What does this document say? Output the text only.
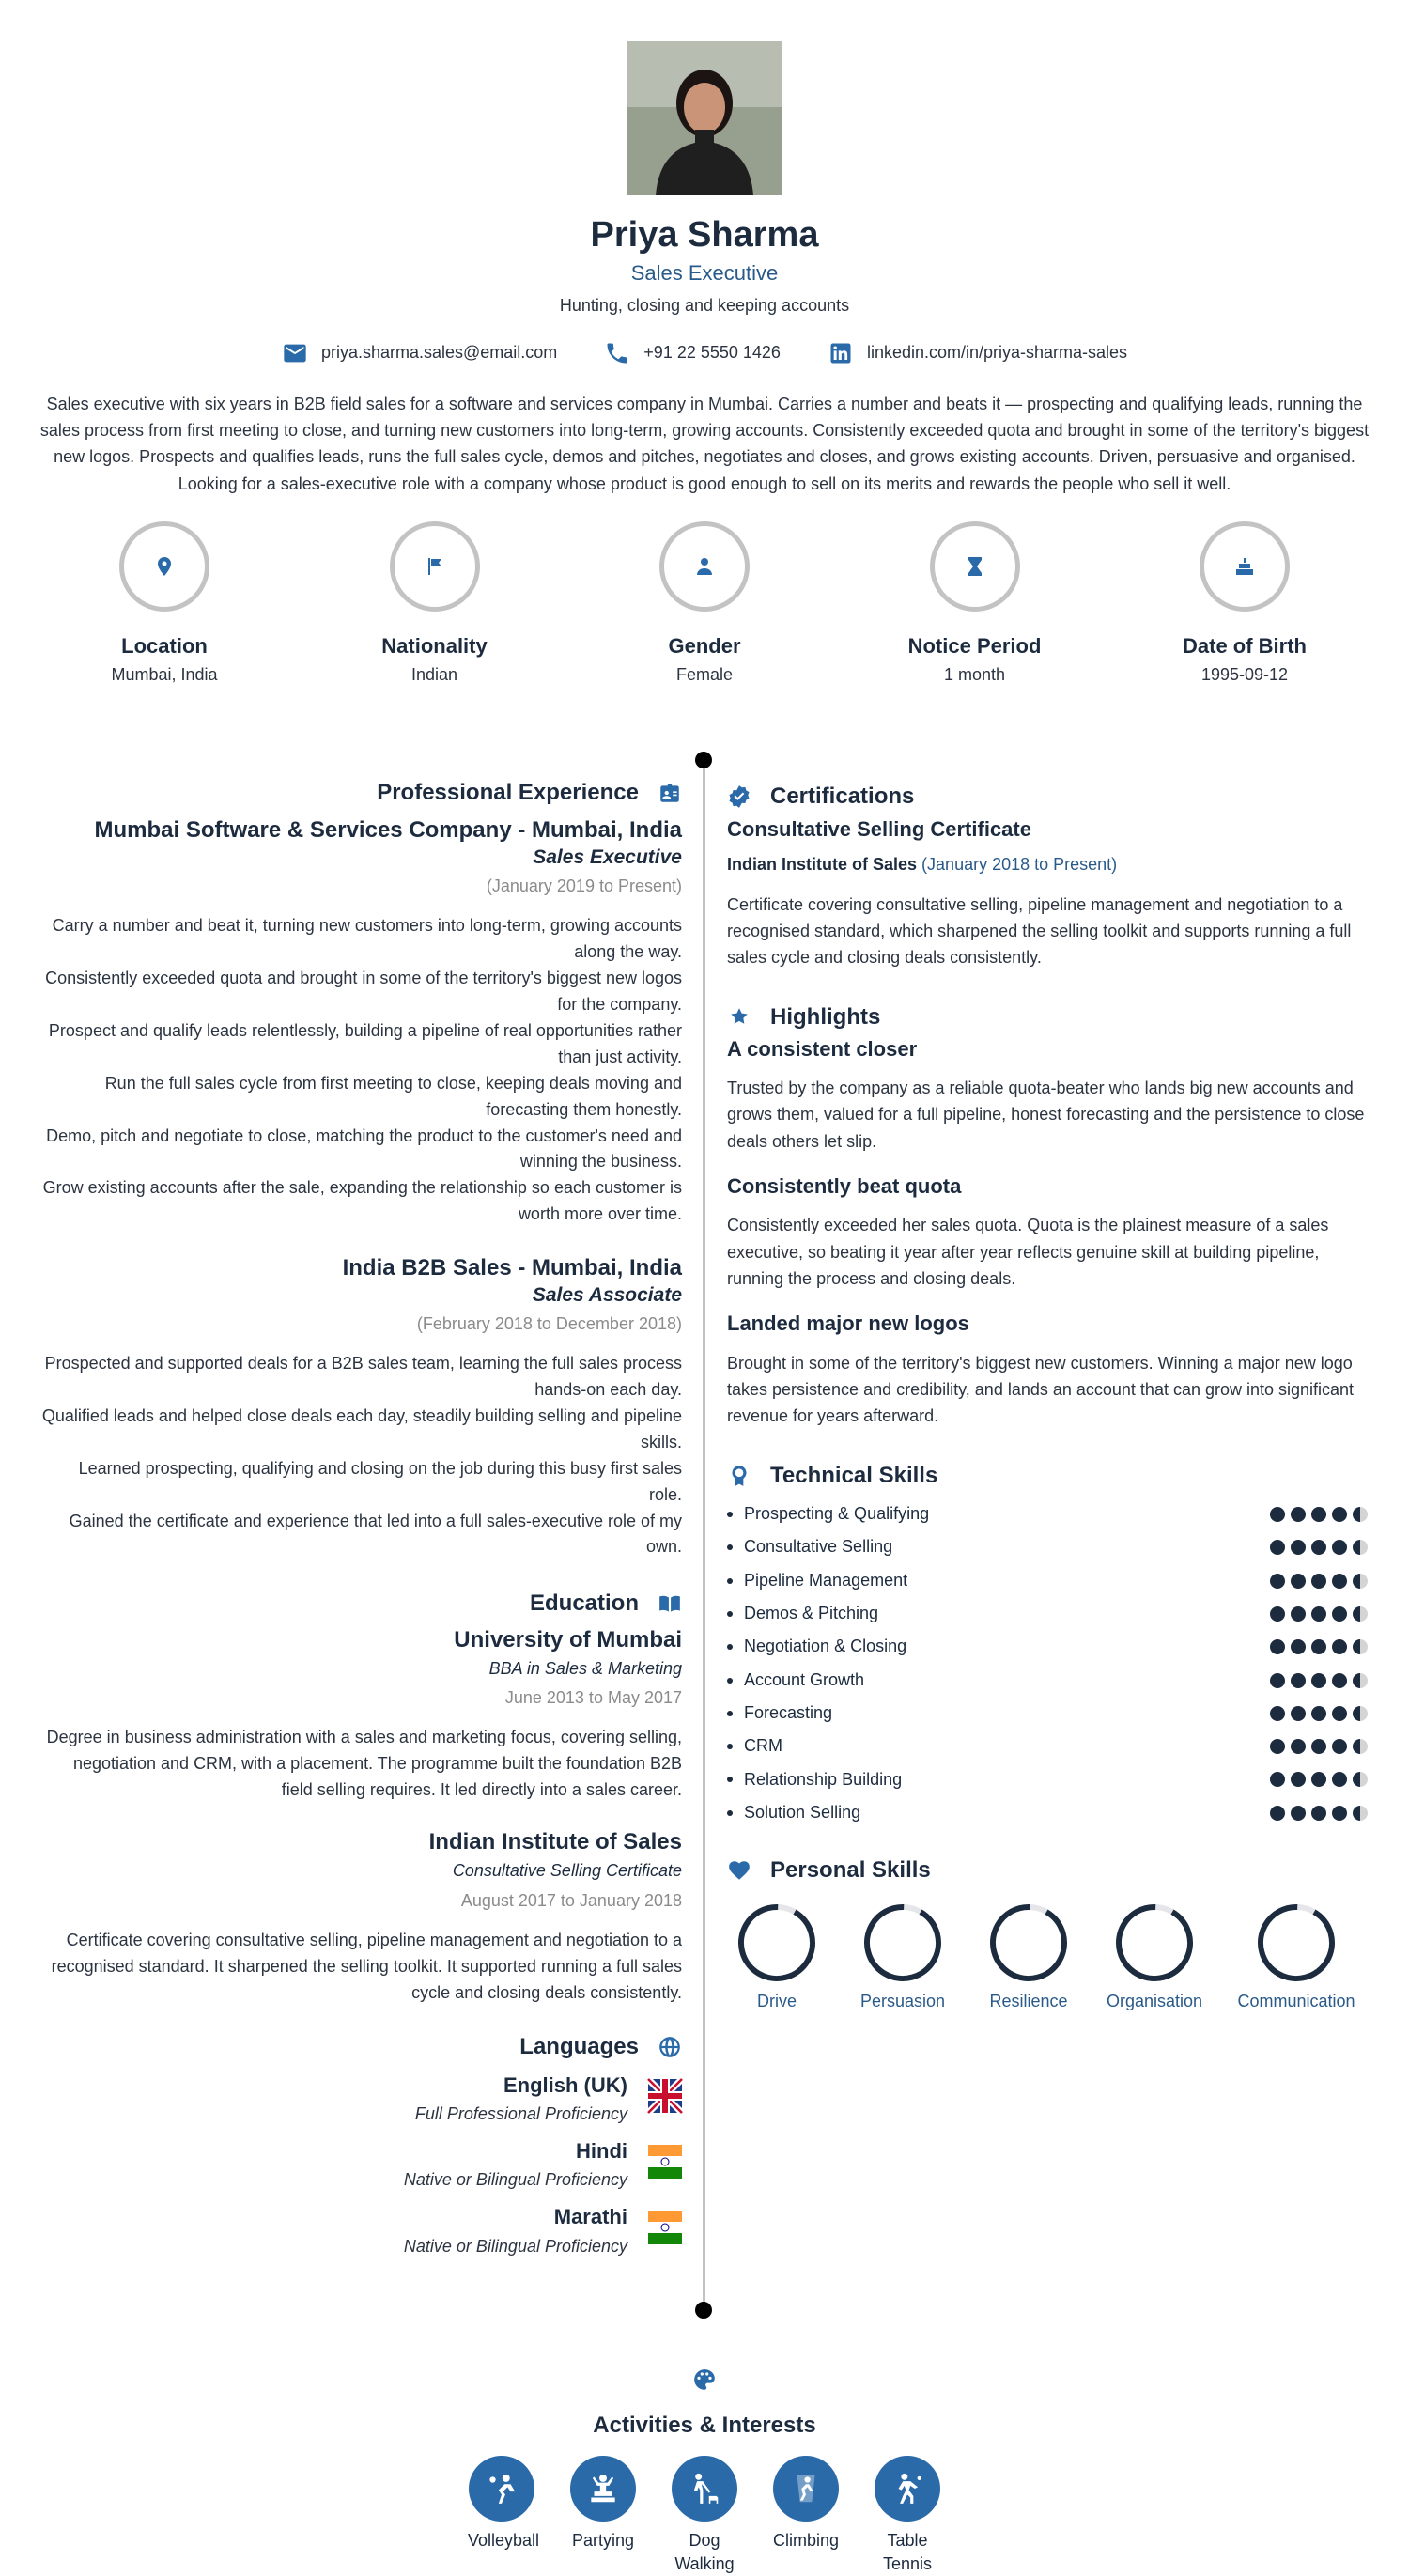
Priya Sharma
Sales Executive
Hunting, closing and keeping accounts
priya.sharma.sales@email.com	+91 22 5550 1426	linkedin.com/in/priya-sharma-sales

Sales executive with six years in B2B field sales for a software and services company in Mumbai. Carries a number and beats it — prospecting and qualifying leads, running the sales process from first meeting to close, and turning new customers into long-term, growing accounts. Consistently exceeded quota and brought in some of the territory's biggest new logos. Prospects and qualifies leads, runs the full sales cycle, demos and pitches, negotiates and closes, and grows existing accounts. Driven, persuasive and organised. Looking for a sales-executive role with a company whose product is good enough to sell on its merits and rewards the people who sell it well.

Location
Mumbai, India
Nationality
Indian
Gender
Female
Notice Period
1 month
Date of Birth
1995-09-12
Professional Experience
Mumbai Software & Services Company - Mumbai, India
Sales Executive
(January 2019 to Present)
Carry a number and beat it, turning new customers into long-term, growing accounts along the way.
Consistently exceeded quota and brought in some of the territory's biggest new logos for the company.
Prospect and qualify leads relentlessly, building a pipeline of real opportunities rather than just activity.
Run the full sales cycle from first meeting to close, keeping deals moving and forecasting them honestly.
Demo, pitch and negotiate to close, matching the product to the customer's need and winning the business.
Grow existing accounts after the sale, expanding the relationship so each customer is worth more over time.
India B2B Sales - Mumbai, India
Sales Associate
(February 2018 to December 2018)
Prospected and supported deals for a B2B sales team, learning the full sales process hands-on each day.
Qualified leads and helped close deals each day, steadily building selling and pipeline skills.
Learned prospecting, qualifying and closing on the job during this busy first sales role.
Gained the certificate and experience that led into a full sales-executive role of my own.
Education
University of Mumbai
BBA in Sales & Marketing
June 2013 to May 2017
Degree in business administration with a sales and marketing focus, covering selling, negotiation and CRM, with a placement. The programme built the foundation B2B field selling requires. It led directly into a sales career.
Indian Institute of Sales
Consultative Selling Certificate
August 2017 to January 2018
Certificate covering consultative selling, pipeline management and negotiation to a recognised standard. It sharpened the selling toolkit. It supported running a full sales cycle and closing deals consistently.
Languages
English (UK)
Full Professional Proficiency
Hindi
Native or Bilingual Proficiency
Marathi
Native or Bilingual Proficiency
Certifications
Consultative Selling Certificate
Indian Institute of Sales (January 2018 to Present)
Certificate covering consultative selling, pipeline management and negotiation to a recognised standard, which sharpened the selling toolkit and supports running a full sales cycle and closing deals consistently.
Highlights
A consistent closer
Trusted by the company as a reliable quota-beater who lands big new accounts and grows them, valued for a full pipeline, honest forecasting and the persistence to close deals others let slip.
Consistently beat quota
Consistently exceeded her sales quota. Quota is the plainest measure of a sales executive, so beating it year after year reflects genuine skill at building pipeline, running the process and closing deals.
Landed major new logos
Brought in some of the territory's biggest new customers. Winning a major new logo takes persistence and credibility, and lands an account that can grow into significant revenue for years afterward.
Technical Skills
Prospecting & Qualifying
Consultative Selling
Pipeline Management
Demos & Pitching
Negotiation & Closing
Account Growth
Forecasting
CRM
Relationship Building
Solution Selling
Personal Skills
Drive	Persuasion	Resilience	Organisation	Communication
Activities & Interests
Volleyball Partying	Dog Walking
Climbing	Table Tennis
